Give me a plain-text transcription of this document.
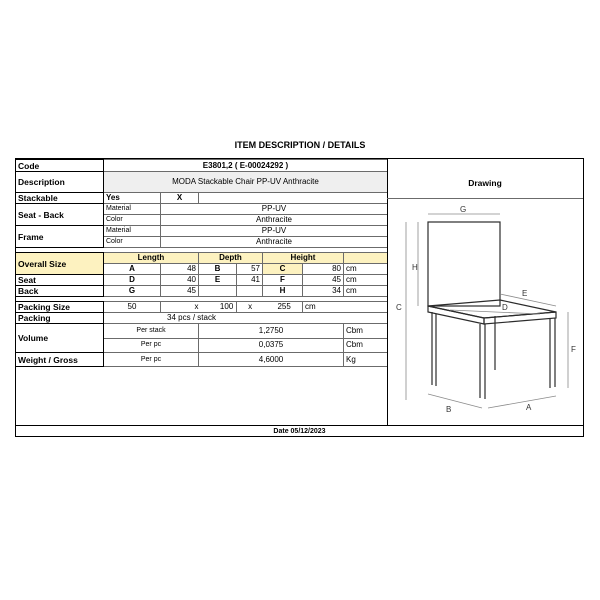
ITEM DESCRIPTION / DETAILS
Code	E3801,2 ( E-00024292 )						
Description	MODA Stackable Chair PP-UV Anthracite						
Stackable	Yes	X					
Seat - Back	Material	PP-UV					
	Color	Anthracite					
Frame	Material	PP-UV					
	Color	Anthracite					

Overall Size	Length		Depth		Height		
	A	48	B	57	C	80	cm
Seat	D	40	E	41	F	45	cm
Back	G	45			H	34	cm

Packing Size	50	x 100		x 255		cm	
Packing	34 pcs / stack						
Volume	Per stack		1,2750				Cbm
	Per pc		0,0375				Cbm
Weight / Gross	Per pc		4,6000				Kg
Drawing
G
H
C
E
D
F
B	A
Date 05/12/2023
